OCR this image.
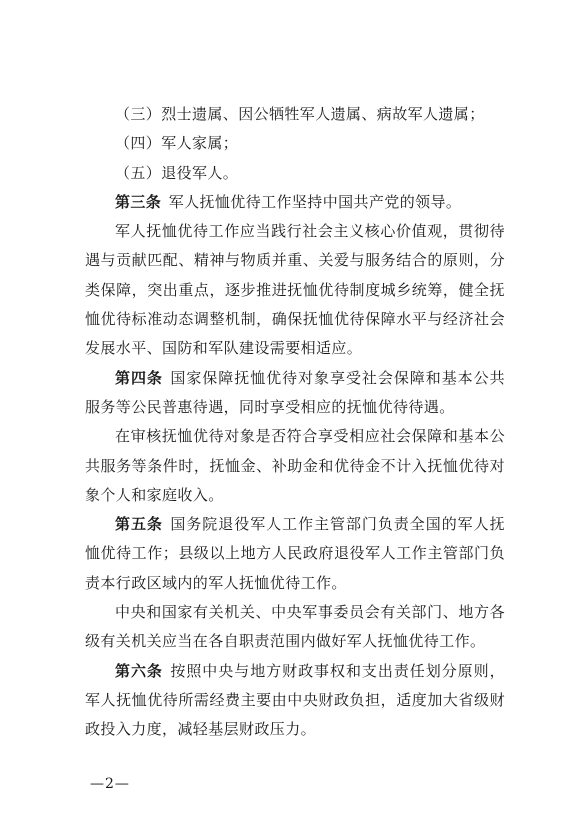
（三）烈士遗属、因公牺牲军人遗属、病故军人遗属；

（四）军人家属；

（五）退役军人。

第三条 军人抚恤优待工作坚持中国共产党的领导。

军人抚恤优待工作应当践行社会主义核心价值观，贯彻待遇与贡献匹配、精神与物质并重、关爱与服务结合的原则，分类保障，突出重点，逐步推进抚恤优待制度城乡统筹，健全抚恤优待标准动态调整机制，确保抚恤优待保障水平与经济社会发展水平、国防和军队建设需要相适应。

第四条 国家保障抚恤优待对象享受社会保障和基本公共服务等公民普惠待遇，同时享受相应的抚恤优待待遇。

在审核抚恤优待对象是否符合享受相应社会保障和基本公共服务等条件时，抚恤金、补助金和优待金不计入抚恤优待对象个人和家庭收入。

第五条 国务院退役军人工作主管部门负责全国的军人抚恤优待工作；县级以上地方人民政府退役军人工作主管部门负责本行政区域内的军人抚恤优待工作。

中央和国家有关机关、中央军事委员会有关部门、地方各级有关机关应当在各自职责范围内做好军人抚恤优待工作。

第六条 按照中央与地方财政事权和支出责任划分原则，军人抚恤优待所需经费主要由中央财政负担，适度加大省级财政投入力度，减轻基层财政压力。

—2—
